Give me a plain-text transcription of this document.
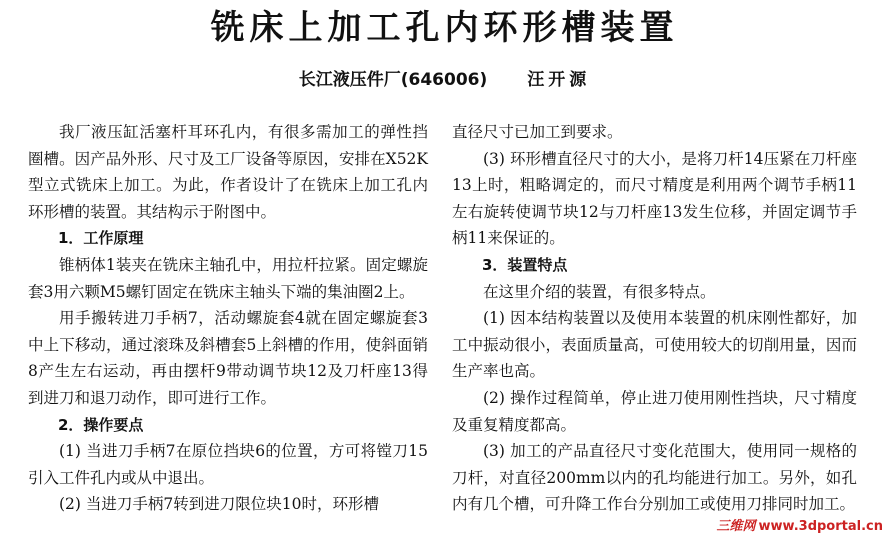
铣床上加工孔内环形槽装置
长江液压件厂(646006) 汪开源

我厂液压缸活塞杆耳环孔内，有很多需加工的弹性挡圈槽。因产品外形、尺寸及工厂设备等原因，安排在X52K型立式铣床上加工。为此，作者设计了在铣床上加工孔内环形槽的装置。其结构示于附图中。

1．工作原理

锥柄体1装夹在铣床主轴孔中，用拉杆拉紧。固定螺旋套3用六颗M5螺钉固定在铣床主轴头下端的集油圈2上。

用手搬转进刀手柄7，活动螺旋套4就在固定螺旋套3中上下移动，通过滚珠及斜槽套5上斜槽的作用，使斜面销8产生左右运动，再由摆杆9带动调节块12及刀杆座13得到进刀和退刀动作，即可进行工作。

2．操作要点

(1) 当进刀手柄7在原位挡块6的位置，方可将镗刀15引入工件孔内或从中退出。

(2) 当进刀手柄7转到进刀限位块10时，环形槽

直径尺寸已加工到要求。

(3) 环形槽直径尺寸的大小，是将刀杆14压紧在刀杆座13上时，粗略调定的，而尺寸精度是利用两个调节手柄11左右旋转使调节块12与刀杆座13发生位移，并固定调节手柄11来保证的。

3．装置特点

在这里介绍的装置，有很多特点。

(1) 因本结构装置以及使用本装置的机床刚性都好，加工中振动很小，表面质量高，可使用较大的切削用量，因而生产率也高。

(2) 操作过程简单，停止进刀使用刚性挡块，尺寸精度及重复精度都高。

(3) 加工的产品直径尺寸变化范围大，使用同一规格的刀杆，对直径200mm以内的孔均能进行加工。另外，如孔内有几个槽，可升降工作台分别加工或使用刀排同时加工。

三维网 www.3dportal.cn
